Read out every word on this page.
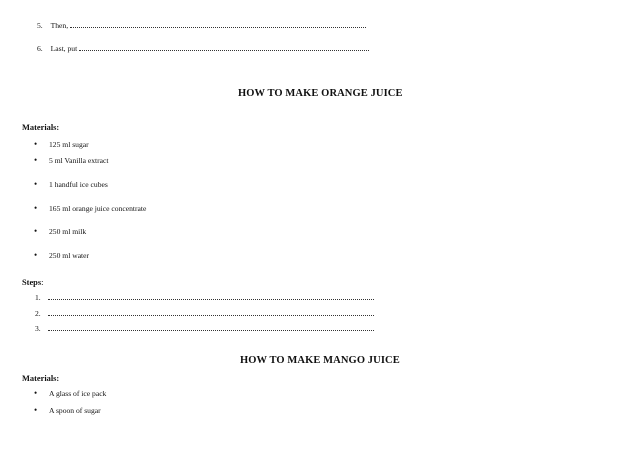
5. Then,
6. Last, put
HOW TO MAKE ORANGE JUICE
Materials:
• 125 ml sugar
• 5 ml Vanilla extract
• 1 handful ice cubes
• 165 ml orange juice concentrate
• 250 ml milk
• 250 ml water
Steps:
1.
2.
3.
HOW TO MAKE MANGO JUICE
Materials:
• A glass of ice pack
• A spoon of sugar
